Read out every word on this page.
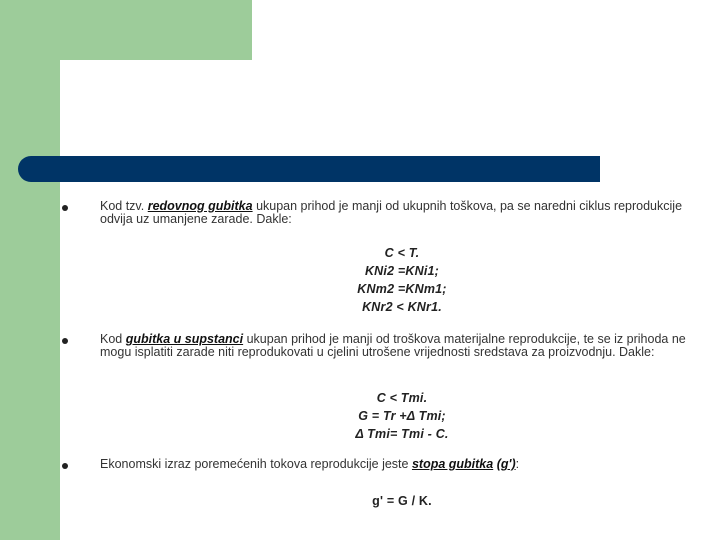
Kod tzv. redovnog gubitka ukupan prihod je manji od ukupnih toškova, pa se naredni ciklus reprodukcije odvija uz umanjene zarade. Dakle:
C < T.
KNi2 =KNi1;
KNm2 =KNm1;
KNr2 < KNr1.
Kod gubitka u supstanci ukupan prihod je manji od troškova materijalne reprodukcije, te se iz prihoda ne mogu isplatiti zarade niti reprodukovati u cjelini utrošene vrijednosti sredstava za proizvodnju. Dakle:
C < Tmi.
G = Tr +Δ Tmi;
Δ Tmi= Tmi - C.
Ekonomski izraz poremećenih tokova reprodukcije jeste stopa gubitka (g'):
g' = G / K.
